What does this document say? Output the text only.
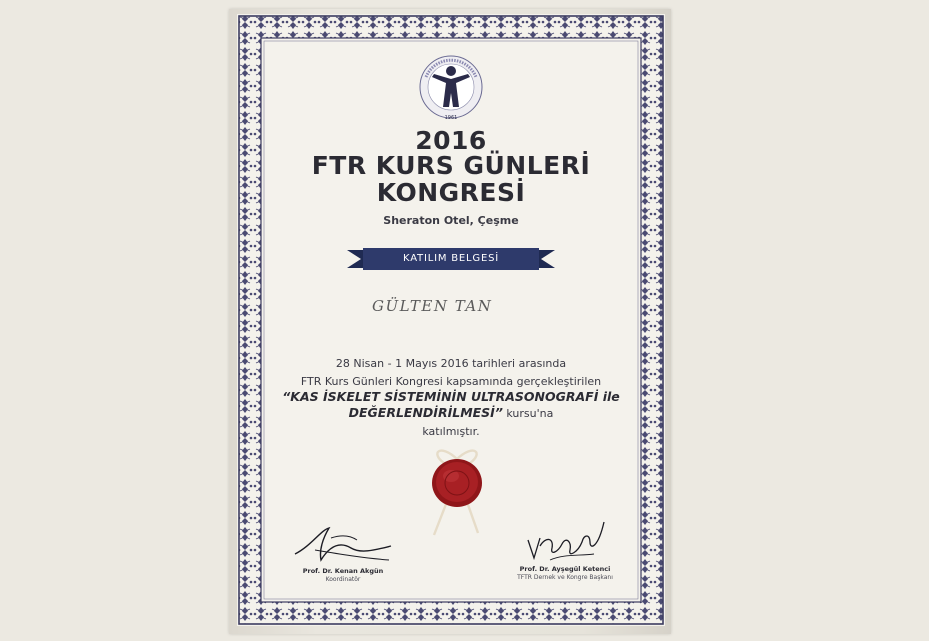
1961
2016
FTR KURS GÜNLERİ
KONGRESİ
Sheraton Otel, Çeşme
KATILIM BELGESİ
GÜLTEN TAN
28 Nisan - 1 Mayıs 2016 tarihleri arasında
FTR Kurs Günleri Kongresi kapsamında gerçekleştirilen
“KAS İSKELET SİSTEMİNİN ULTRASONOGRAFİ ile
DEĞERLENDİRİLMESİ” kursu'na
katılmıştır.
Prof. Dr. Kenan Akgün
Koordinatör
Prof. Dr. Ayşegül Ketenci
TFTR Dernek ve Kongre Başkanı
